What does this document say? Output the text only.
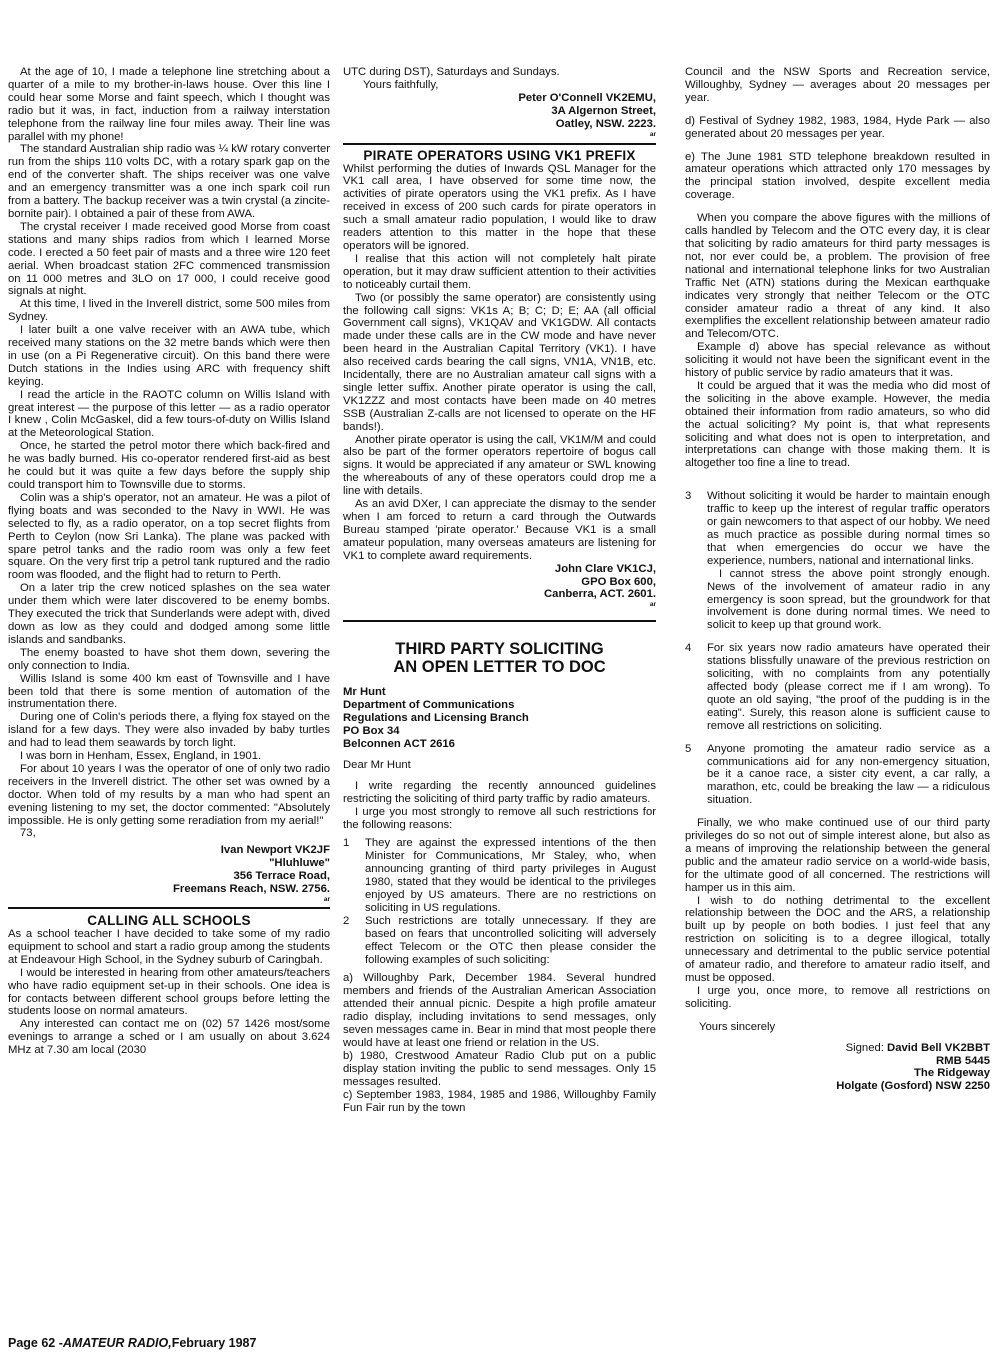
At the age of 10, I made a telephone line stretching about a quarter of a mile to my brother-in-laws house. Over this line I could hear some Morse and faint speech, which I thought was radio but it was, in fact, induction from a railway interstation telephone from the railway line four miles away. Their line was parallel with my phone!

The standard Australian ship radio was ¼ kW rotary converter run from the ships 110 volts DC, with a rotary spark gap on the end of the converter shaft. The ships receiver was one valve and an emergency transmitter was a one inch spark coil run from a battery. The backup receiver was a twin crystal (a zincite-bornite pair). I obtained a pair of these from AWA.

The crystal receiver I made received good Morse from coast stations and many ships radios from which I learned Morse code. I erected a 50 feet pair of masts and a three wire 120 feet aerial. When broadcast station 2FC commenced transmission on 11 000 metres and 3LO on 17 000, I could receive good signals at night.

At this time, I lived in the Inverell district, some 500 miles from Sydney.

I later built a one valve receiver with an AWA tube, which received many stations on the 32 metre bands which were then in use (on a Pi Regenerative circuit). On this band there were Dutch stations in the Indies using ARC with frequency shift keying.

I read the article in the RAOTC column on Willis Island with great interest — the purpose of this letter — as a radio operator I knew , Colin McGaskel, did a few tours-of-duty on Willis Island at the Meteorological Station.

Once, he started the petrol motor there which back-fired and he was badly burned. His co-operator rendered first-aid as best he could but it was quite a few days before the supply ship could transport him to Townsville due to storms.

Colin was a ship's operator, not an amateur. He was a pilot of flying boats and was seconded to the Navy in WWI. He was selected to fly, as a radio operator, on a top secret flights from Perth to Ceylon (now Sri Lanka). The plane was packed with spare petrol tanks and the radio room was only a few feet square. On the very first trip a petrol tank ruptured and the radio room was flooded, and the flight had to return to Perth.

On a later trip the crew noticed splashes on the sea water under them which were later discovered to be enemy bombs. They executed the trick that Sunderlands were adept with, dived down as low as they could and dodged among some little islands and sandbanks.

The enemy boasted to have shot them down, severing the only connection to India.

Willis Island is some 400 km east of Townsville and I have been told that there is some mention of automation of the instrumentation there.

During one of Colin's periods there, a flying fox stayed on the island for a few days. They were also invaded by baby turtles and had to lead them seawards by torch light.

I was born in Henham, Essex, England, in 1901.

For about 10 years I was the operator of one of only two radio receivers in the Inverell district. The other set was owned by a doctor. When told of my results by a man who had spent an evening listening to my set, the doctor commented: "Absolutely impossible. He is only getting some reradiation from my aerial!"

73,

Ivan Newport VK2JF

"Hluhluwe"

356 Terrace Road,

Freemans Reach, NSW. 2756.

ar

CALLING ALL SCHOOLS

As a school teacher I have decided to take some of my radio equipment to school and start a radio group among the students at Endeavour High School, in the Sydney suburb of Caringbah.

I would be interested in hearing from other amateurs/teachers who have radio equipment set-up in their schools. One idea is for contacts between different school groups before letting the students loose on normal amateurs.

Any interested can contact me on (02) 57 1426 most/some evenings to arrange a sched or I am usually on about 3.624 MHz at 7.30 am local (2030

UTC during DST), Saturdays and Sundays.

Yours faithfully,

Peter O'Connell VK2EMU,

3A Algernon Street,

Oatley, NSW. 2223.

ar

PIRATE OPERATORS USING VK1 PREFIX

Whilst performing the duties of Inwards QSL Manager for the VK1 call area, I have observed for some time now, the activities of pirate operators using the VK1 prefix. As I have received in excess of 200 such cards for pirate operators in such a small amateur radio population, I would like to draw readers attention to this matter in the hope that these operators will be ignored.

I realise that this action will not completely halt pirate operation, but it may draw sufficient attention to their activities to noticeably curtail them.

Two (or possibly the same operator) are consistently using the following call signs: VK1s A; B; C; D; E; AA (all official Government call signs), VK1QAV and VK1GDW. All contacts made under these calls are in the CW mode and have never been heard in the Australian Capital Territory (VK1). I have also received cards bearing the call signs, VN1A, VN1B, etc. Incidentally, there are no Australian amateur call signs with a single letter suffix. Another pirate operator is using the call, VK1ZZZ and most contacts have been made on 40 metres SSB (Australian Z-calls are not licensed to operate on the HF bands!).

Another pirate operator is using the call, VK1M/M and could also be part of the former operators repertoire of bogus call signs. It would be appreciated if any amateur or SWL knowing the whereabouts of any of these operators could drop me a line with details.

As an avid DXer, I can appreciate the dismay to the sender when I am forced to return a card through the Outwards Bureau stamped 'pirate operator.' Because VK1 is a small amateur population, many overseas amateurs are listening for VK1 to complete award requirements.

John Clare VK1CJ,

GPO Box 600,

Canberra, ACT. 2601.

ar

THIRD PARTY SOLICITING
AN OPEN LETTER TO DOC

Mr Hunt

Department of Communications

Regulations and Licensing Branch

PO Box 34

Belconnen ACT 2616

Dear Mr Hunt

I write regarding the recently announced guidelines restricting the soliciting of third party traffic by radio amateurs.

I urge you most strongly to remove all such restrictions for the following reasons:

1	They are against the expressed intentions of the then Minister for Communications, Mr Staley, who, when announcing granting of third party privileges in August 1980, stated that they would be identical to the privileges enjoyed by US amateurs. There are no restrictions on soliciting in US regulations.

2	Such restrictions are totally unnecessary. If they are based on fears that uncontrolled soliciting will adversely effect Telecom or the OTC then please consider the following examples of such soliciting:

a) Willoughby Park, December 1984. Several hundred members and friends of the Australian American Association attended their annual picnic. Despite a high profile amateur radio display, including invitations to send messages, only seven messages came in. Bear in mind that most people there would have at least one friend or relation in the US.

b) 1980, Crestwood Amateur Radio Club put on a public display station inviting the public to send messages. Only 15 messages resulted.

c) September 1983, 1984, 1985 and 1986, Willoughby Family Fun Fair run by the town

Council and the NSW Sports and Recreation service, Willoughby, Sydney — averages about 20 messages per year.

d) Festival of Sydney 1982, 1983, 1984, Hyde Park — also generated about 20 messages per year.

e) The June 1981 STD telephone breakdown resulted in amateur operations which attracted only 170 messages by the principal station involved, despite excellent media coverage.

When you compare the above figures with the millions of calls handled by Telecom and the OTC every day, it is clear that soliciting by radio amateurs for third party messages is not, nor ever could be, a problem. The provision of free national and international telephone links for two Australian Traffic Net (ATN) stations during the Mexican earthquake indicates very strongly that neither Telecom or the OTC consider amateur radio a threat of any kind. It also exemplifies the excellent relationship between amateur radio and Telecom/OTC.

Example d) above has special relevance as without soliciting it would not have been the significant event in the history of public service by radio amateurs that it was.

It could be argued that it was the media who did most of the soliciting in the above example. However, the media obtained their information from radio amateurs, so who did the actual soliciting? My point is, that what represents soliciting and what does not is open to interpretation, and interpretations can change with those making them. It is altogether too fine a line to tread.

3	Without soliciting it would be harder to maintain enough traffic to keep up the interest of regular traffic operators or gain newcomers to that aspect of our hobby. We need as much practice as possible during normal times so that when emergencies do occur we have the experience, numbers, national and international links.

I cannot stress the above point strongly enough. News of the involvement of amateur radio in any emergency is soon spread, but the groundwork for that involvement is done during normal times. We need to solicit to keep up that ground work.

4	For six years now radio amateurs have operated their stations blissfully unaware of the previous restriction on soliciting, with no complaints from any potentially affected body (please correct me if I am wrong). To quote an old saying, "the proof of the pudding is in the eating". Surely, this reason alone is sufficient cause to remove all restrictions on soliciting.

5	Anyone promoting the amateur radio service as a communications aid for any non-emergency situation, be it a canoe race, a sister city event, a car rally, a marathon, etc, could be breaking the law — a ridiculous situation.

Finally, we who make continued use of our third party privileges do so not out of simple interest alone, but also as a means of improving the relationship between the general public and the amateur radio service on a world-wide basis, for the ultimate good of all concerned. The restrictions will hamper us in this aim.

I wish to do nothing detrimental to the excellent relationship between the DOC and the ARS, a relationship built up by people on both bodies. I just feel that any restriction on soliciting is to a degree illogical, totally unnecessary and detrimental to the public service potential of amateur radio, and therefore to amateur radio itself, and must be opposed.

I urge you, once more, to remove all restrictions on soliciting.

Yours sincerely

Signed: David Bell VK2BBT

RMB 5445

The Ridgeway

Holgate (Gosford) NSW 2250

Page 62 -AMATEUR RADIO,February 1987
